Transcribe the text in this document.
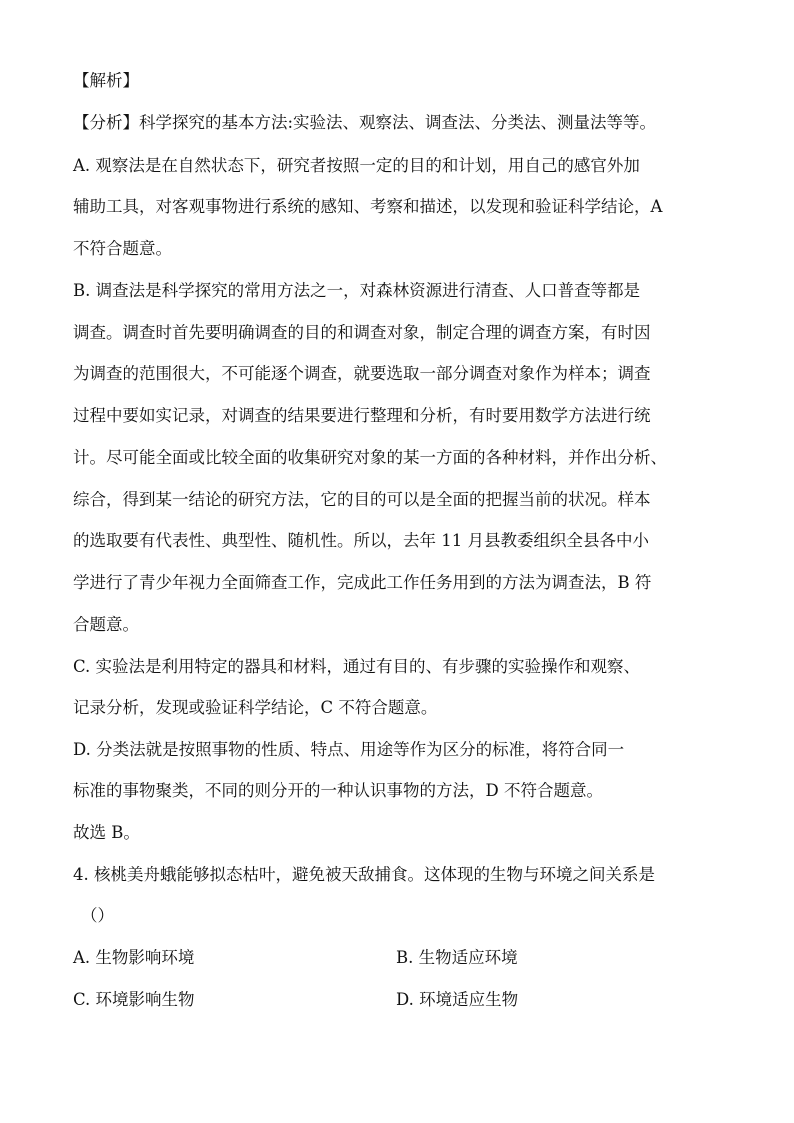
【解析】
【分析】科学探究的基本方法:实验法、观察法、调查法、分类法、测量法等等。
A. 观察法是在自然状态下，研究者按照一定的目的和计划，用自己的感官外加
辅助工具，对客观事物进行系统的感知、考察和描述，以发现和验证科学结论，A
不符合题意。
B. 调查法是科学探究的常用方法之一，对森林资源进行清查、人口普查等都是
调查。调查时首先要明确调查的目的和调查对象，制定合理的调查方案，有时因
为调查的范围很大，不可能逐个调查，就要选取一部分调查对象作为样本；调查
过程中要如实记录，对调查的结果要进行整理和分析，有时要用数学方法进行统
计。尽可能全面或比较全面的收集研究对象的某一方面的各种材料，并作出分析、
综合，得到某一结论的研究方法，它的目的可以是全面的把握当前的状况。样本
的选取要有代表性、典型性、随机性。所以，去年 11 月县教委组织全县各中小
学进行了青少年视力全面筛查工作，完成此工作任务用到的方法为调查法，B 符
合题意。
C. 实验法是利用特定的器具和材料，通过有目的、有步骤的实验操作和观察、
记录分析，发现或验证科学结论，C 不符合题意。
D. 分类法就是按照事物的性质、特点、用途等作为区分的标准，将符合同一
标准的事物聚类，不同的则分开的一种认识事物的方法，D 不符合题意。
故选 B。
4. 核桃美舟蛾能够拟态枯叶，避免被天敌捕食。这体现的生物与环境之间关系是
（）
A. 生物影响环境	B. 生物适应环境
C. 环境影响生物	D. 环境适应生物
